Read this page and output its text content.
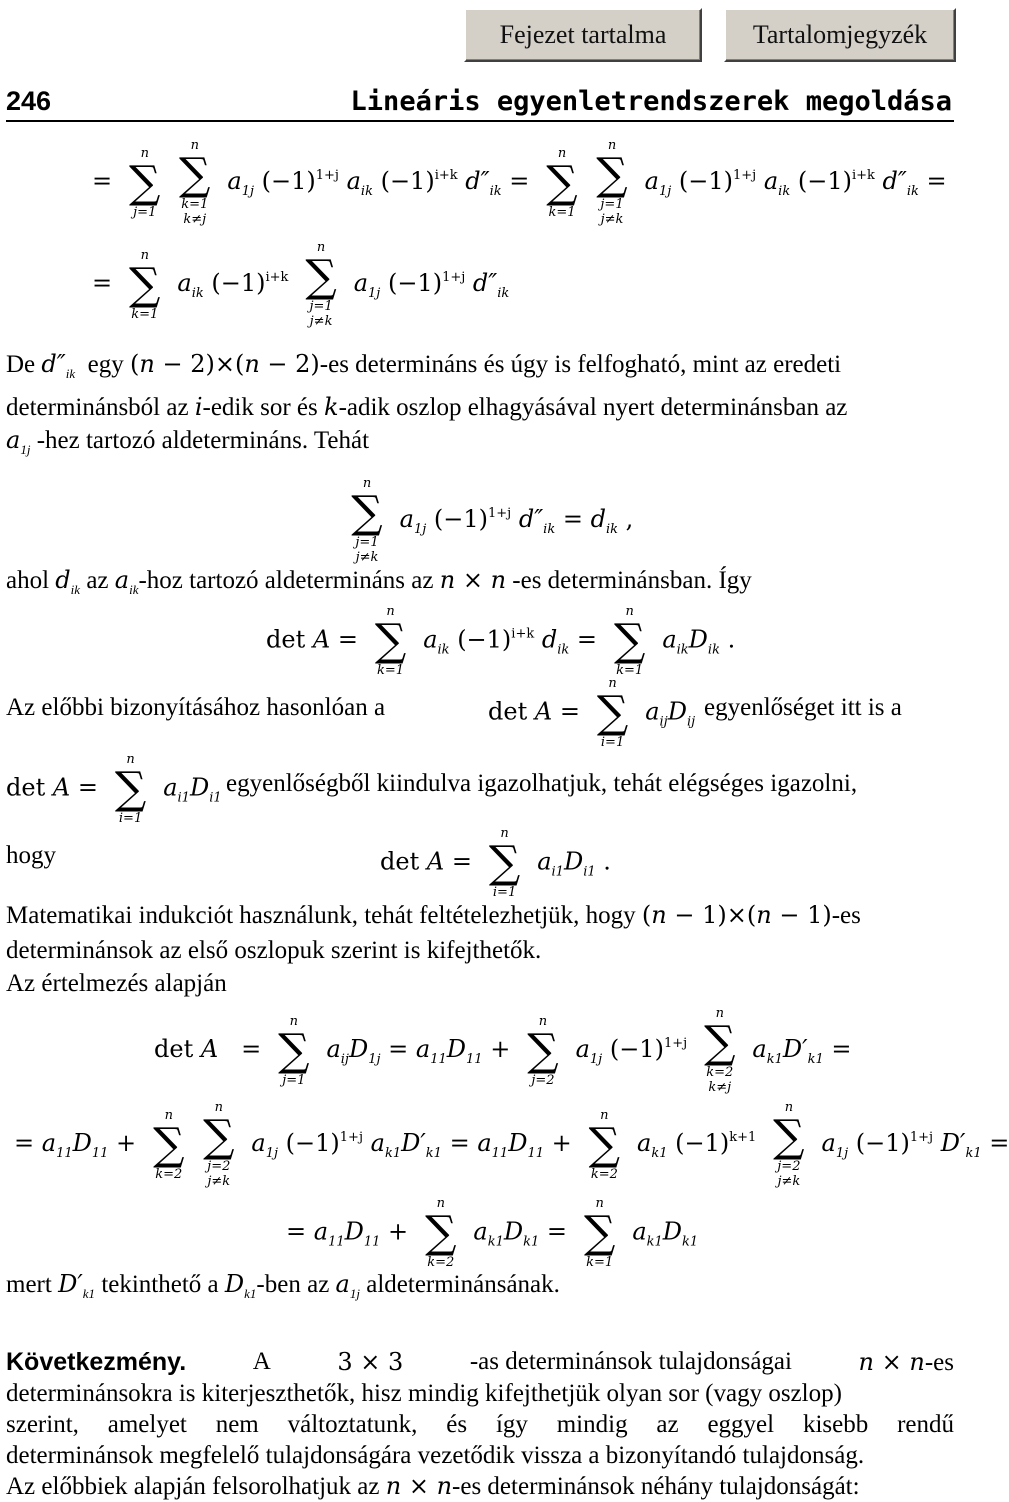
Fejezet tartalma	Tartalomjegyzék
246	Lineáris egyenletrendszerek megoldása
=
n
∑
j=1
n
∑
k=1
k≠j
$a_{1j}$ $(-1)^{1+j}$ $a_{ik}$ $(-1)^{i+k}$ $d''_{ik}$ =
n
∑
k=1
n
∑
j=1
j≠k
$a_{1j}$ $(-1)^{1+j}$ $a_{ik}$ $(-1)^{i+k}$ $d''_{ik}$ =
=
n
∑
k=1
$a_{ik}$ $(-1)^{i+k}$
n
∑
j=1
j≠k
$a_{1j}$ $(-1)^{1+j}$ $d''_{ik}$
De $d''_{ik}$ egy (n − 2)×(n − 2)-es determináns és úgy is felfogható, mint az eredeti
determinánsból az i-edik sor és k-adik oszlop elhagyásával nyert determinánsban az
$a_{1j}$ -hez tartozó aldetermináns. Tehát
n
∑
j=1
j≠k
$a_{1j}$ $(-1)^{1+j}$ $d''_{ik} = d_{ik}$ ,
ahol $d_{ik}$ az $a_{ik}$-hoz tartozó aldetermináns az n × n -es determinánsban. Így
det A =
n
∑
k=1
$a_{ik}$ $(-1)^{i+k}$ $d_{ik}$ =
n
∑
k=1
$a_{ik}D_{ik}$ .
Az előbbi bizonyításához hasonlóan a	det A =
n
∑
i=1
$a_{ij}D_{ij}$
egyenlőséget itt is a
det A =
n
∑
i=1
$a_{i1}D_{i1}$
egyenlőségből kiindulva igazolhatjuk, tehát elégséges igazolni,
hogy	det A =
n
∑
i=1
$a_{i1}D_{i1}$ .
Matematikai indukciót használunk, tehát feltételezhetjük, hogy (n − 1)×(n − 1)-es
determinánsok az első oszlopuk szerint is kifejthetők.
Az értelmezés alapján
det A   =
n
∑
j=1
$a_{ij}D_{1j} = a_{11}D_{11}$ +
n
∑
j=2
$a_{1j}$ $(-1)^{1+j}$
n
∑
k=2
k≠j
$a_{k1}D'_{k1}$ =
= $a_{11}D_{11}$ +
n
∑
k=2
n
∑
j=2
j≠k
$a_{1j}$ $(-1)^{1+j}$ $a_{k1}D'_{k1} = a_{11}D_{11}$ +
n
∑
k=2
$a_{k1}$ $(-1)^{k+1}$
n
∑
j=2
j≠k
$a_{1j}$ $(-1)^{1+j}$ $D'_{k1}$ =
= $a_{11}D_{11}$ +
n
∑
k=2
$a_{k1}D_{k1}$ =
n
∑
k=1
$a_{k1}D_{k1}$
mert $D'_{k1}$ tekinthető a $D_{k1}$-ben az $a_{1j}$ aldeterminánsának.
Következmény.	A	3 × 3	-as determinánsok tulajdonságai	n × n-es
determinánsokra is kiterjeszthetők, hisz mindig kifejthetjük olyan sor (vagy oszlop)
szerint, amelyet nem változtatunk, és így mindig az eggyel kisebb rendű
determinánsok megfelelő tulajdonságára vezetődik vissza a bizonyítandó tulajdonság.
Az előbbiek alapján felsorolhatjuk az n × n-es determinánsok néhány tulajdonságát:
